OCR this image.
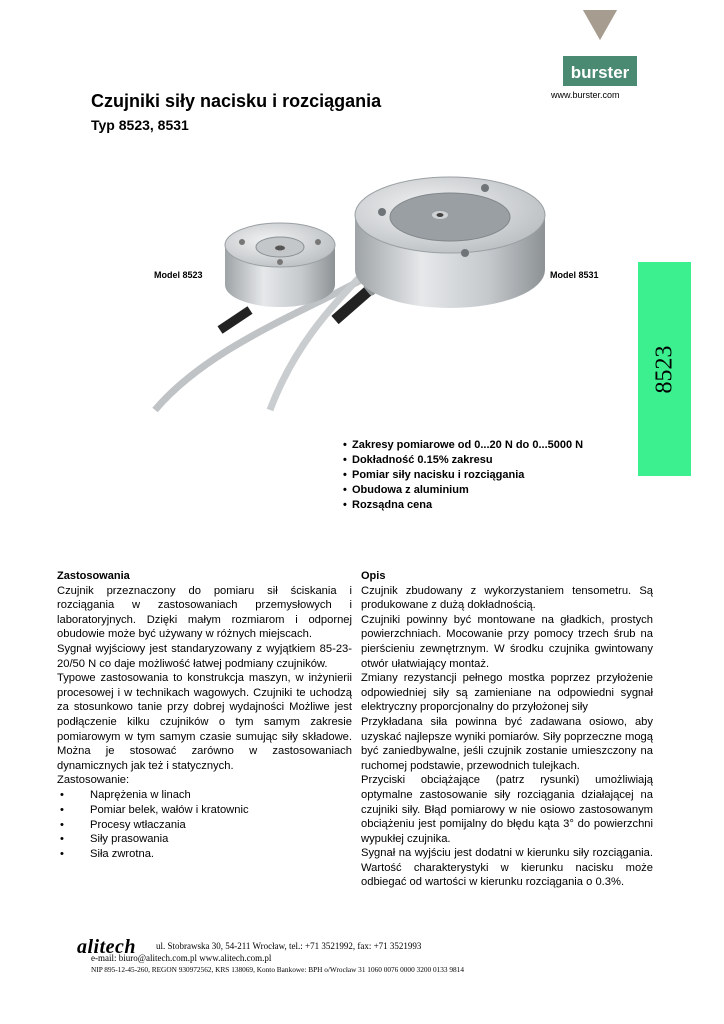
burster
www.burster.com
Czujniki siły nacisku i rozciągania
Typ 8523, 8531
8523
Model 8523	Model 8531
• Zakresy pomiarowe od 0...20 N do 0...5000 N
• Dokładność 0.15% zakresu
• Pomiar siły nacisku i rozciągania
• Obudowa z aluminium
• Rozsądna cena
Zastosowania

Czujnik przeznaczony do pomiaru sił ściskania i rozciągania w zastosowaniach przemysłowych i laboratoryjnych. Dzięki małym rozmiarom i odpornej obudowie może być używany w różnych miejscach.

Sygnał wyjściowy jest standaryzowany z wyjątkiem 85-23-20/50 N co daje możliwość łatwej podmiany czujników.

Typowe zastosowania to konstrukcja maszyn, w inżynierii procesowej i w technikach wagowych. Czujniki te uchodzą za stosunkowo tanie przy dobrej wydajności Możliwe jest podłączenie kilku czujników o tym samym zakresie pomiarowym w tym samym czasie sumując siły składowe. Można je stosować zarówno w zastosowaniach dynamicznych jak też i statycznych.

Zastosowanie:

• Naprężenia w linach
• Pomiar belek, wałów i kratownic
• Procesy wtłaczania
• Siły prasowania
• Siła zwrotna.
Opis

Czujnik zbudowany z wykorzystaniem tensometru. Są produkowane z dużą dokładnością.

Czujniki powinny być montowane na gładkich, prostych powierzchniach. Mocowanie przy pomocy trzech śrub na pierścieniu zewnętrznym. W środku czujnika gwintowany otwór ułatwiający montaż.

Zmiany rezystancji pełnego mostka poprzez przyłożenie odpowiedniej siły są zamieniane na odpowiedni sygnał elektryczny proporcjonalny do przyłożonej siły

Przykładana siła powinna być zadawana osiowo, aby uzyskać najlepsze wyniki pomiarów. Siły poprzeczne mogą być zaniedbywalne, jeśli czujnik zostanie umieszczony na ruchomej podstawie, przewodnich tulejkach.

Przyciski obciążające (patrz rysunki) umożliwiają optymalne zastosowanie siły rozciągania działającej na czujniki siły. Błąd pomiarowy w nie osiowo zastosowanym obciążeniu jest pomijalny do błędu kąta 3° do powierzchni wypukłej czujnika.

Sygnał na wyjściu jest dodatni w kierunku siły rozciągania. Wartość charakterystyki w kierunku nacisku może odbiegać od wartości w kierunku rozciągania o 0.3%.

alitech ul. Stobrawska 30, 54-211 Wrocław, tel.: +71 3521992, fax: +71 3521993
e-mail: biuro@alitech.com.pl www.alitech.com.pl
NIP 895-12-45-260, REGON 930972562, KRS 138069, Konto Bankowe: BPH o/Wrocław 31 1060 0076 0000 3200 0133 9814
